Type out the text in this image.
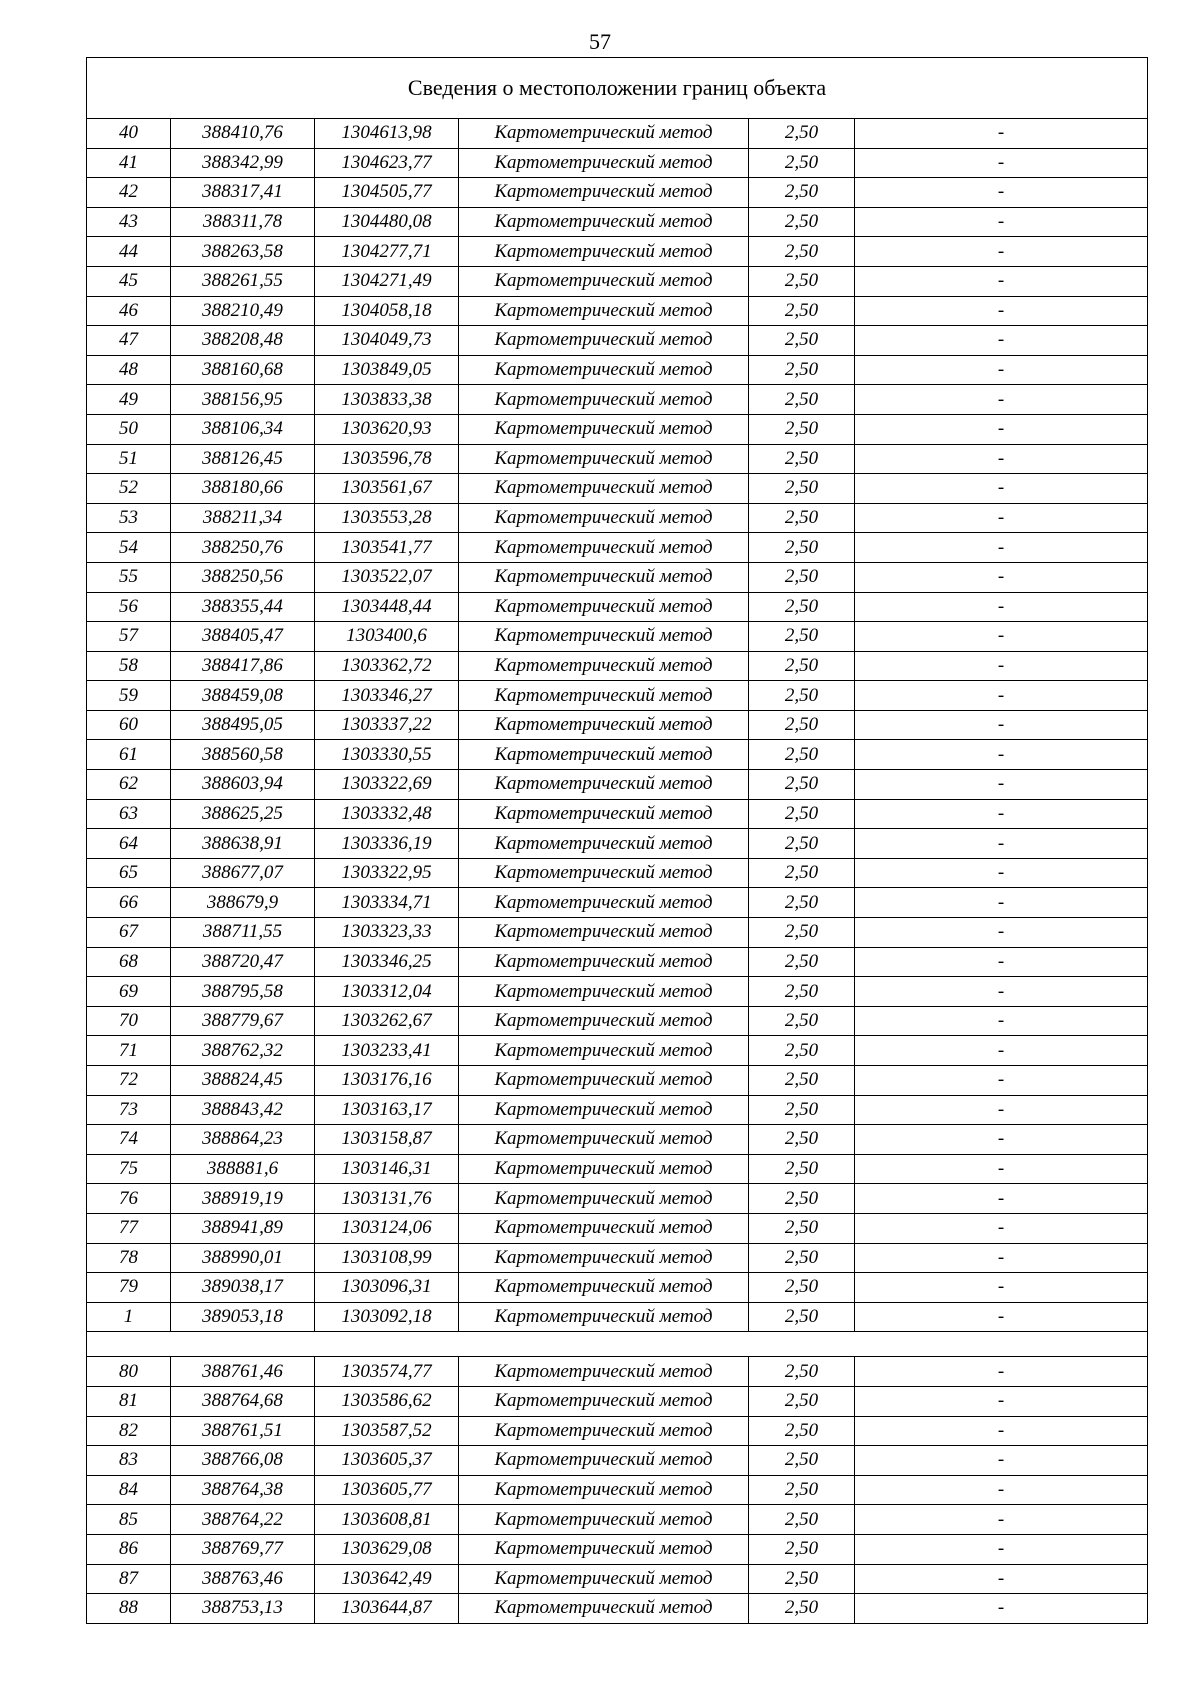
57
Сведения о местоположении границ объекта					
40	388410,76	1304613,98	Картометрический метод	2,50	-
41	388342,99	1304623,77	Картометрический метод	2,50	-
42	388317,41	1304505,77	Картометрический метод	2,50	-
43	388311,78	1304480,08	Картометрический метод	2,50	-
44	388263,58	1304277,71	Картометрический метод	2,50	-
45	388261,55	1304271,49	Картометрический метод	2,50	-
46	388210,49	1304058,18	Картометрический метод	2,50	-
47	388208,48	1304049,73	Картометрический метод	2,50	-
48	388160,68	1303849,05	Картометрический метод	2,50	-
49	388156,95	1303833,38	Картометрический метод	2,50	-
50	388106,34	1303620,93	Картометрический метод	2,50	-
51	388126,45	1303596,78	Картометрический метод	2,50	-
52	388180,66	1303561,67	Картометрический метод	2,50	-
53	388211,34	1303553,28	Картометрический метод	2,50	-
54	388250,76	1303541,77	Картометрический метод	2,50	-
55	388250,56	1303522,07	Картометрический метод	2,50	-
56	388355,44	1303448,44	Картометрический метод	2,50	-
57	388405,47	1303400,6	Картометрический метод	2,50	-
58	388417,86	1303362,72	Картометрический метод	2,50	-
59	388459,08	1303346,27	Картометрический метод	2,50	-
60	388495,05	1303337,22	Картометрический метод	2,50	-
61	388560,58	1303330,55	Картометрический метод	2,50	-
62	388603,94	1303322,69	Картометрический метод	2,50	-
63	388625,25	1303332,48	Картометрический метод	2,50	-
64	388638,91	1303336,19	Картометрический метод	2,50	-
65	388677,07	1303322,95	Картометрический метод	2,50	-
66	388679,9	1303334,71	Картометрический метод	2,50	-
67	388711,55	1303323,33	Картометрический метод	2,50	-
68	388720,47	1303346,25	Картометрический метод	2,50	-
69	388795,58	1303312,04	Картометрический метод	2,50	-
70	388779,67	1303262,67	Картометрический метод	2,50	-
71	388762,32	1303233,41	Картометрический метод	2,50	-
72	388824,45	1303176,16	Картометрический метод	2,50	-
73	388843,42	1303163,17	Картометрический метод	2,50	-
74	388864,23	1303158,87	Картометрический метод	2,50	-
75	388881,6	1303146,31	Картометрический метод	2,50	-
76	388919,19	1303131,76	Картометрический метод	2,50	-
77	388941,89	1303124,06	Картометрический метод	2,50	-
78	388990,01	1303108,99	Картометрический метод	2,50	-
79	389038,17	1303096,31	Картометрический метод	2,50	-
1	389053,18	1303092,18	Картометрический метод	2,50	-

80	388761,46	1303574,77	Картометрический метод	2,50	-
81	388764,68	1303586,62	Картометрический метод	2,50	-
82	388761,51	1303587,52	Картометрический метод	2,50	-
83	388766,08	1303605,37	Картометрический метод	2,50	-
84	388764,38	1303605,77	Картометрический метод	2,50	-
85	388764,22	1303608,81	Картометрический метод	2,50	-
86	388769,77	1303629,08	Картометрический метод	2,50	-
87	388763,46	1303642,49	Картометрический метод	2,50	-
88	388753,13	1303644,87	Картометрический метод	2,50	-
